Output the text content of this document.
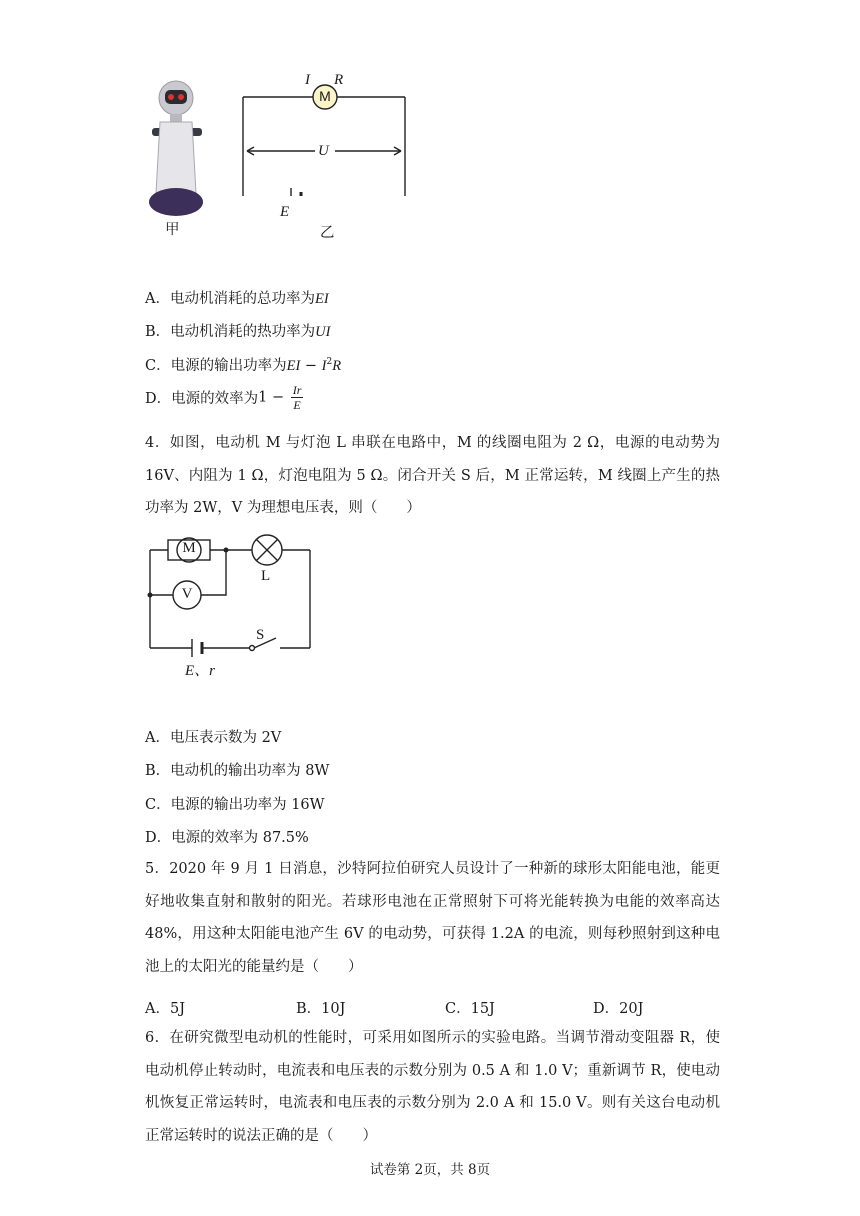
甲
M
I R
U
E
乙
A．电动机消耗的总功率为EI
B．电动机消耗的热功率为UI
C．电源的输出功率为EI − $I^2R$
D．电源的效率为$1 - \frac{Ir}{E}$
4．如图，电动机 M 与灯泡 L 串联在电路中，M 的线圈电阻为 2 Ω，电源的电动势为 16V、内阻为 1 Ω，灯泡电阻为 5 Ω。闭合开关 S 后，M 正常运转，M 线圈上产生的热功率为 2W，V 为理想电压表，则（　　）
M
V
L
S
E、r
A．电压表示数为 2V
B．电动机的输出功率为 8W
C．电源的输出功率为 16W
D．电源的效率为 87.5%
5．2020 年 9 月 1 日消息，沙特阿拉伯研究人员设计了一种新的球形太阳能电池，能更好地收集直射和散射的阳光。若球形电池在正常照射下可将光能转换为电能的效率高达 48%，用这种太阳能电池产生 6V 的电动势，可获得 1.2A 的电流，则每秒照射到这种电池上的太阳光的能量约是（　　）
A．5J	B．10J	C．15J	D．20J
6．在研究微型电动机的性能时，可采用如图所示的实验电路。当调节滑动变阻器 R，使电动机停止转动时，电流表和电压表的示数分别为 0.5 A 和 1.0 V；重新调节 R，使电动机恢复正常运转时，电流表和电压表的示数分别为 2.0 A 和 15.0 V。则有关这台电动机正常运转时的说法正确的是（　　）
试卷第 2页，共 8页
